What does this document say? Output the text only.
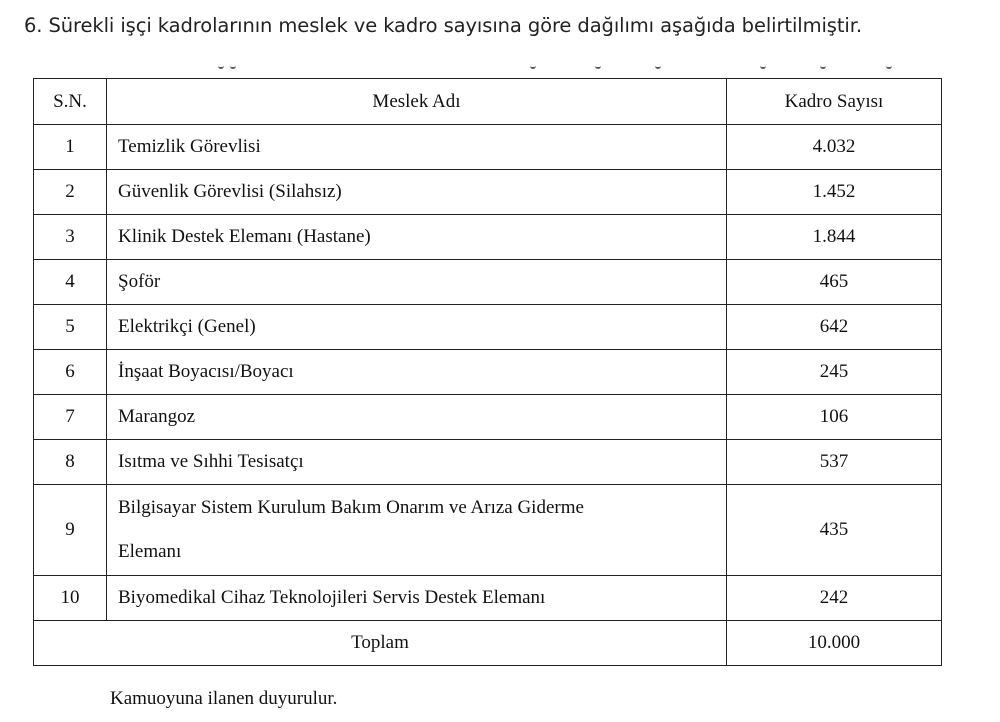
6. Sürekli işçi kadrolarının meslek ve kadro sayısına göre dağılımı aşağıda belirtilmiştir.
S.N.	Meslek Adı	Kadro Sayısı
1	Temizlik Görevlisi	4.032
2	Güvenlik Görevlisi (Silahsız)	1.452
3	Klinik Destek Elemanı (Hastane)	1.844
4	Şoför	465
5	Elektrikçi (Genel)	642
6	İnşaat Boyacısı/Boyacı	245
7	Marangoz	106
8	Isıtma ve Sıhhi Tesisatçı	537
9	Bilgisayar Sistem Kurulum Bakım Onarım ve Arıza Giderme
Elemanı	435
10	Biyomedikal Cihaz Teknolojileri Servis Destek Elemanı	242
Toplam		10.000
Kamuoyuna ilanen duyurulur.
